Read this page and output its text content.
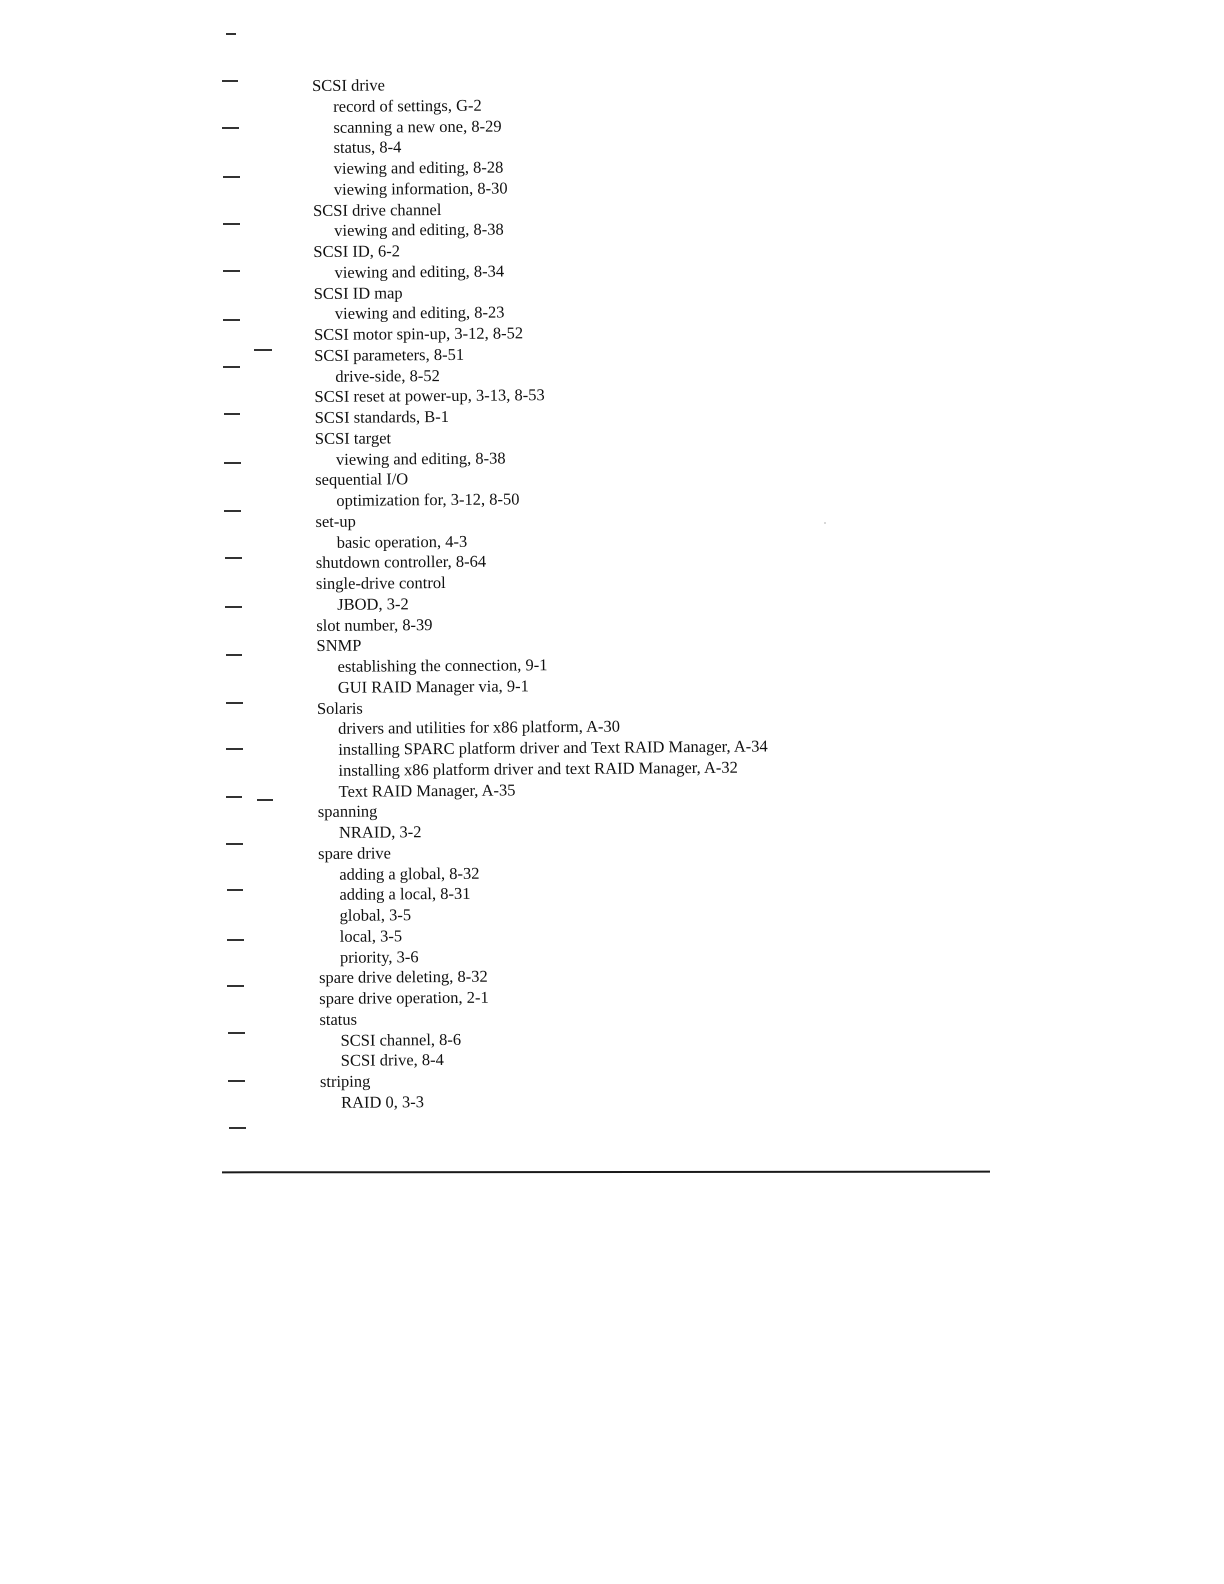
SCSI drive
record of settings, G-2
scanning a new one, 8-29
status, 8-4
viewing and editing, 8-28
viewing information, 8-30
SCSI drive channel
viewing and editing, 8-38
SCSI ID, 6-2
viewing and editing, 8-34
SCSI ID map
viewing and editing, 8-23
SCSI motor spin-up, 3-12, 8-52
SCSI parameters, 8-51
drive-side, 8-52
SCSI reset at power-up, 3-13, 8-53
SCSI standards, B-1
SCSI target
viewing and editing, 8-38
sequential I/O
optimization for, 3-12, 8-50
set-up
basic operation, 4-3
shutdown controller, 8-64
single-drive control
JBOD, 3-2
slot number, 8-39
SNMP
establishing the connection, 9-1
GUI RAID Manager via, 9-1
Solaris
drivers and utilities for x86 platform, A-30
installing SPARC platform driver and Text RAID Manager, A-34
installing x86 platform driver and text RAID Manager, A-32
Text RAID Manager, A-35
spanning
NRAID, 3-2
spare drive
adding a global, 8-32
adding a local, 8-31
global, 3-5
local, 3-5
priority, 3-6
spare drive deleting, 8-32
spare drive operation, 2-1
status
SCSI channel, 8-6
SCSI drive, 8-4
striping
RAID 0, 3-3
